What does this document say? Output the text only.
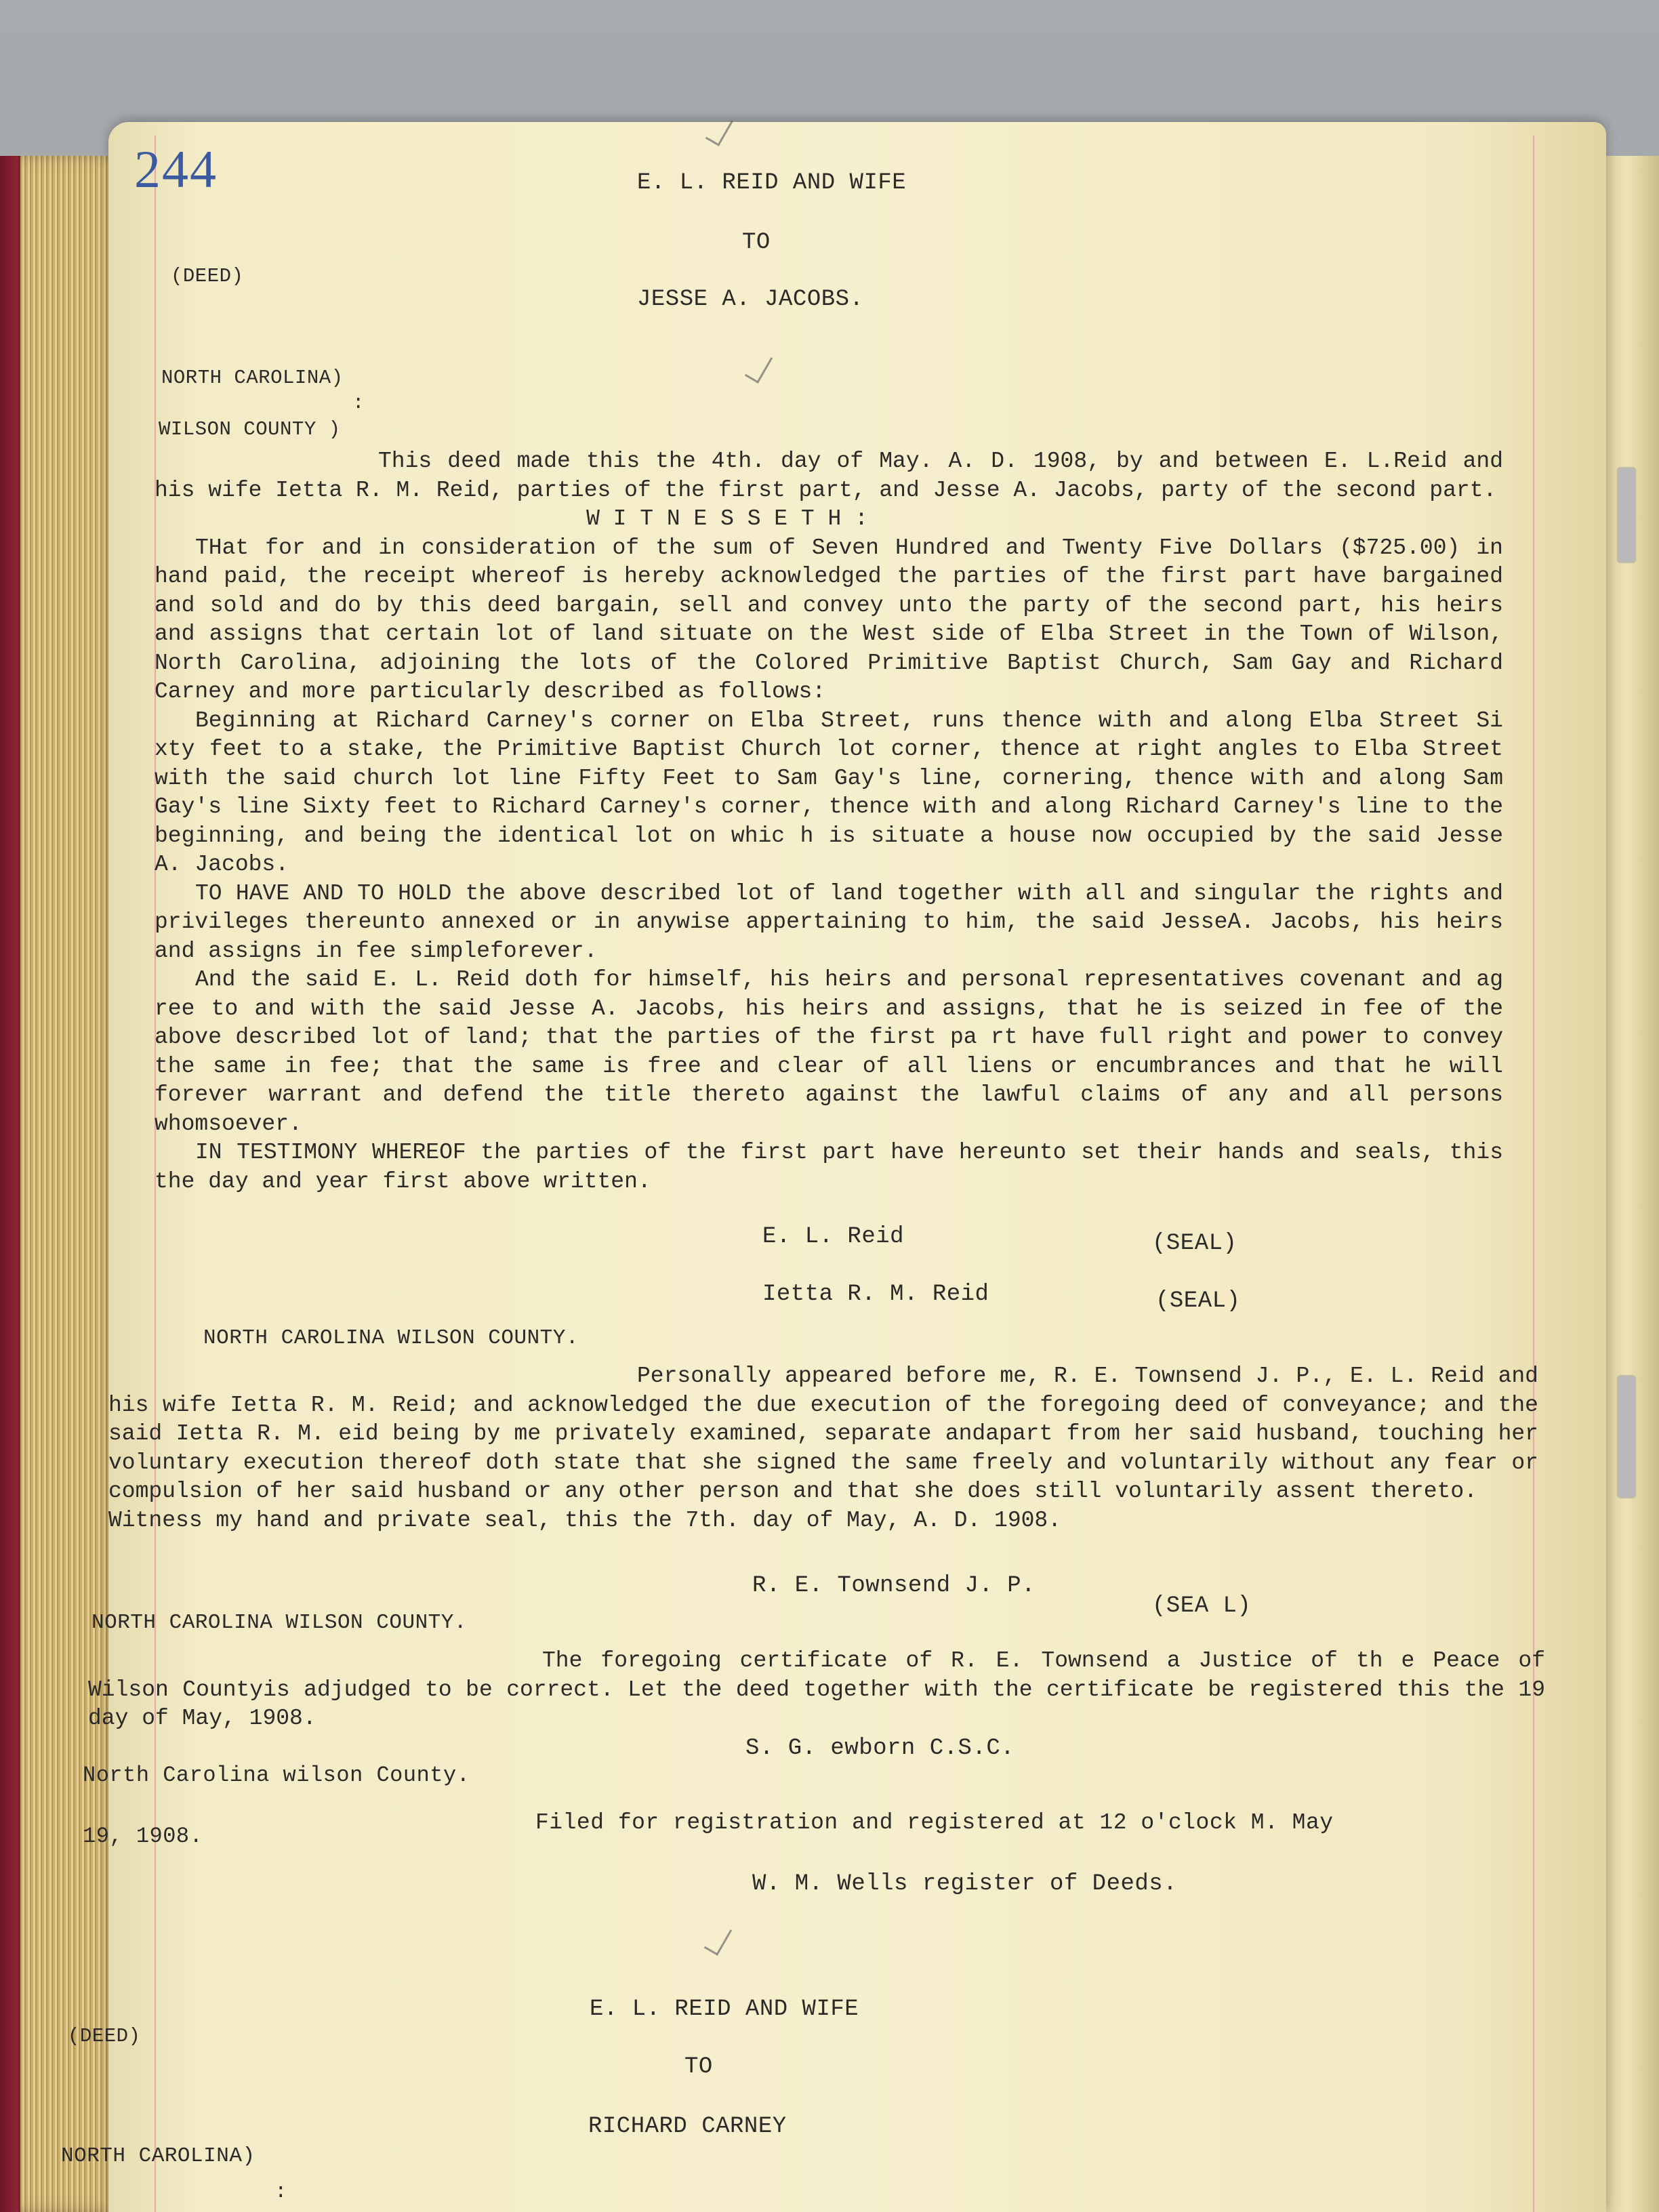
244	E. L. REID AND WIFE
TO
JESSE A. JACOBS.
(DEED)
NORTH CAROLINA)
:
WILSON COUNTY )

This deed made this the 4th. day of May. A. D. 1908, by and between E. L.Reid and his wife Ietta R. M. Reid, parties of the first part, and Jesse A. Jacobs, party of the second part.

W I T N E S S E T H :

THat for and in consideration of the sum of Seven Hundred and Twenty Five Dollars ($725.00) in hand paid, the receipt whereof is hereby acknowledged the parties of the first part have bargained and sold and do by this deed bargain, sell and convey unto the party of the second part, his heirs and assigns that certain lot of land situate on the West side of Elba Street in the Town of Wilson, North Carolina, adjoining the lots of the Colored Primitive Baptist Church, Sam Gay and Richard Carney and more particularly described as follows:

Beginning at Richard Carney's corner on Elba Street, runs thence with and along Elba Street Si xty feet to a stake, the Primitive Baptist Church lot corner, thence at right angles to Elba Street with the said church lot line Fifty Feet to Sam Gay's line, cornering, thence with and along Sam Gay's line Sixty feet to Richard Carney's corner, thence with and along Richard Carney's line to the beginning, and being the identical lot on whic h is situate a house now occupied by the said Jesse A. Jacobs.

TO HAVE AND TO HOLD the above described lot of land together with all and singular the rights and privileges thereunto annexed or in anywise appertaining to him, the said JesseA. Jacobs, his heirs and assigns in fee simpleforever.

And the said E. L. Reid doth for himself, his heirs and personal representatives covenant and ag ree to and with the said Jesse A. Jacobs, his heirs and assigns, that he is seized in fee of the above described lot of land; that the parties of the first pa rt have full right and power to convey the same in fee; that the same is free and clear of all liens or encumbrances and that he will forever warrant and defend the title thereto against the lawful claims of any and all persons whomsoever.

IN TESTIMONY WHEREOF the parties of the first part have hereunto set their hands and seals, this the day and year first above written.

E. L. Reid	(SEAL)
Ietta R. M. Reid	(SEAL)
NORTH CAROLINA WILSON COUNTY.

Personally appeared before me, R. E. Townsend J. P., E. L. Reid and his wife Ietta R. M. Reid; and acknowledged the due execution of the foregoing deed of conveyance; and the said Ietta R. M. eid being by me privately examined, separate andapart from her said husband, touching her voluntary execution thereof doth state that she signed the same freely and voluntarily without any fear or compulsion of her said husband or any other person and that she does still voluntarily assent thereto.

Witness my hand and private seal, this the 7th. day of May, A. D. 1908.

R. E. Townsend J. P.
(SEA L)
NORTH CAROLINA WILSON COUNTY.

The foregoing certificate of R. E. Townsend a Justice of th e Peace of Wilson Countyis adjudged to be correct. Let the deed together with the certificate be registered this the 19 day of May, 1908.

S. G. ewborn C.S.C.
North Carolina wilson County.
Filed for registration and registered at 12 o'clock M. May
19, 1908.
W. M. Wells register of Deeds.
E. L. REID AND WIFE
(DEED)
TO
RICHARD CARNEY
NORTH CAROLINA)
:
